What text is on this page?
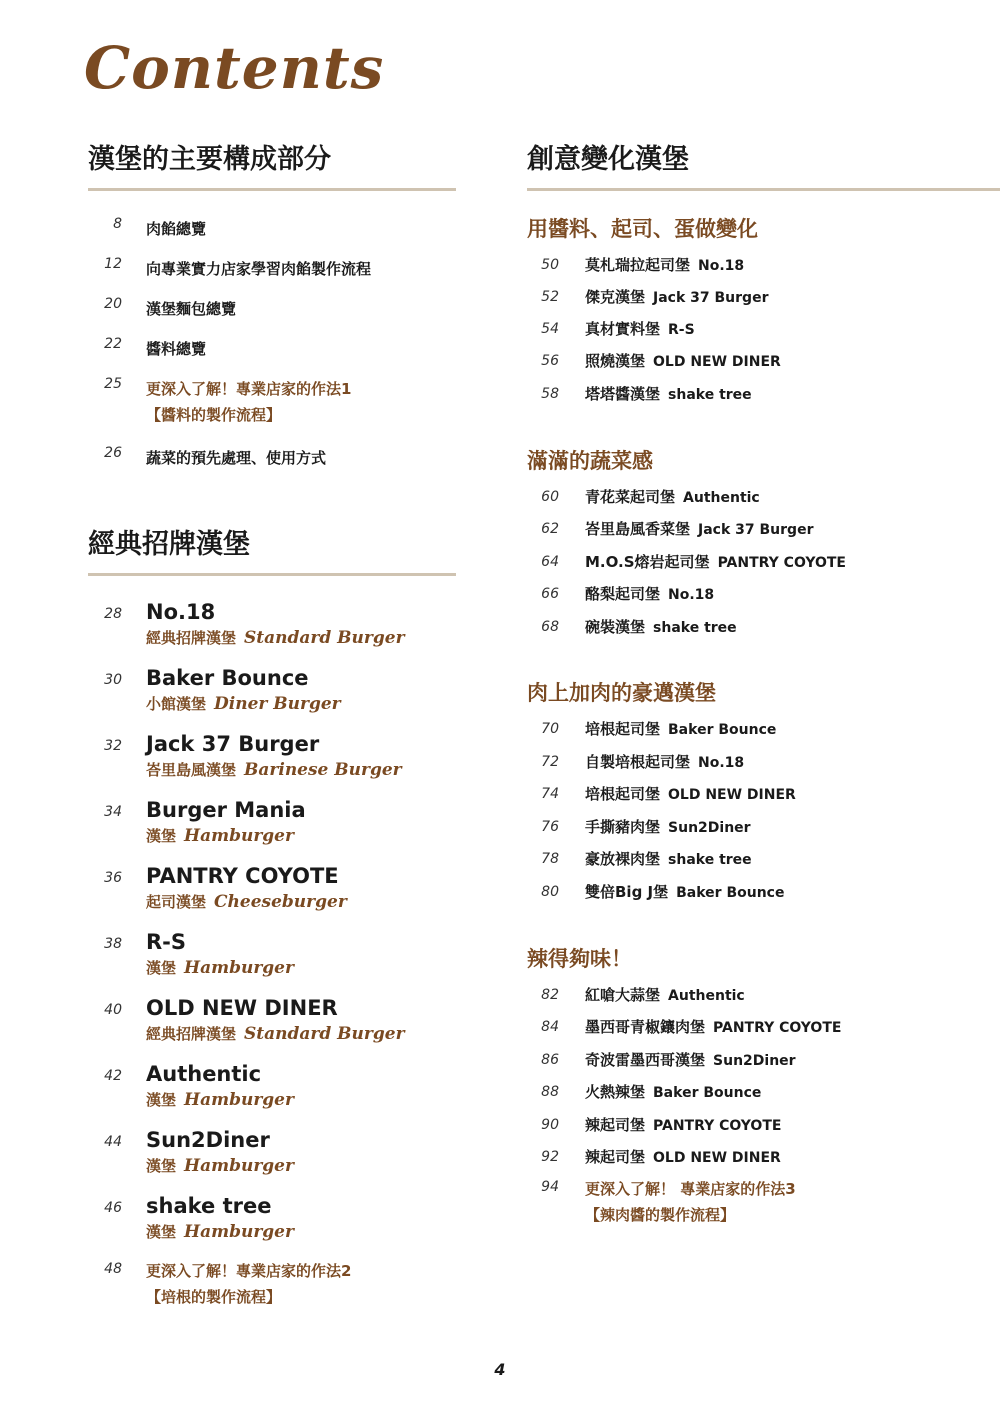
Contents
漢堡的主要構成部分
8 肉餡總覽
12 向專業實力店家學習肉餡製作流程
20 漢堡麵包總覽
22 醬料總覽
25 更深入了解！專業店家的作法1
【醬料的製作流程】
26 蔬菜的預先處理、使用方式
經典招牌漢堡
28 No.18
經典招牌漢堡 Standard Burger
30 Baker Bounce
小館漢堡 Diner Burger
32 Jack 37 Burger
峇里島風漢堡 Barinese Burger
34 Burger Mania
漢堡 Hamburger
36 PANTRY COYOTE
起司漢堡 Cheeseburger
38 R-S
漢堡 Hamburger
40 OLD NEW DINER
經典招牌漢堡 Standard Burger
42 Authentic
漢堡 Hamburger
44 Sun2Diner
漢堡 Hamburger
46 shake tree
漢堡 Hamburger
48 更深入了解！專業店家的作法2
【培根的製作流程】
創意變化漢堡
用醬料、起司、蛋做變化
50 莫札瑞拉起司堡 No.18
52 傑克漢堡 Jack 37 Burger
54 真材實料堡 R-S
56 照燒漢堡 OLD NEW DINER
58 塔塔醬漢堡 shake tree
滿滿的蔬菜感
60 青花菜起司堡 Authentic
62 峇里島風香菜堡 Jack 37 Burger
64 M.O.S熔岩起司堡 PANTRY COYOTE
66 酪梨起司堡 No.18
68 碗裝漢堡 shake tree
肉上加肉的豪邁漢堡
70 培根起司堡 Baker Bounce
72 自製培根起司堡 No.18
74 培根起司堡 OLD NEW DINER
76 手撕豬肉堡 Sun2Diner
78 豪放裸肉堡 shake tree
80 雙倍Big J堡 Baker Bounce
辣得夠味！
82 紅嗆大蒜堡 Authentic
84 墨西哥青椒鑲肉堡 PANTRY COYOTE
86 奇波雷墨西哥漢堡 Sun2Diner
88 火熱辣堡 Baker Bounce
90 辣起司堡 PANTRY COYOTE
92 辣起司堡 OLD NEW DINER
94 更深入了解！ 專業店家的作法3
【辣肉醬的製作流程】
4
